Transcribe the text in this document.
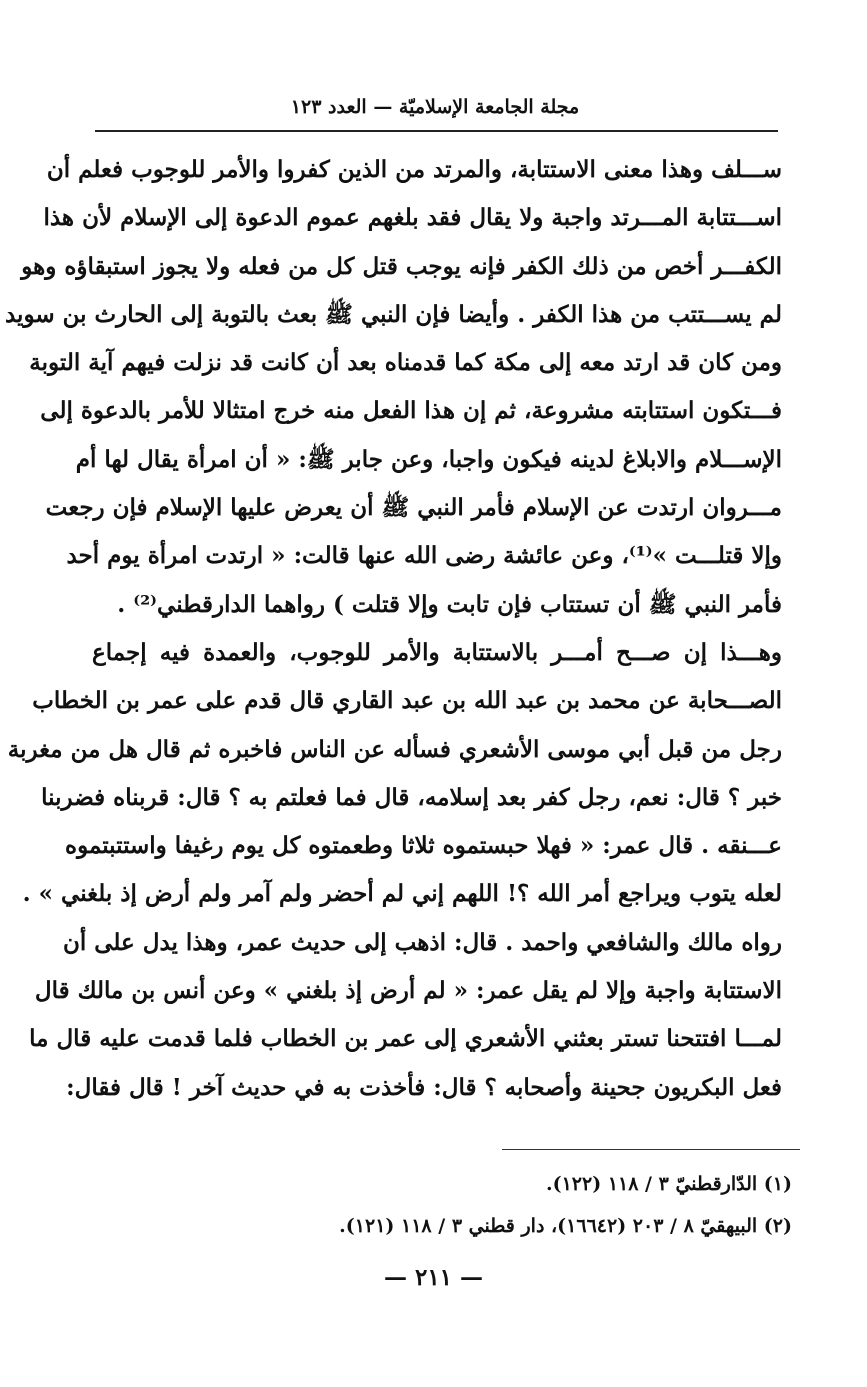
مجلة الجامعة الإسلاميّة — العدد ١٢٣
ســـلف وهذا معنى الاستتابة، والمرتد من الذين كفروا والأمر للوجوب فعلم أن
اســـتتابة المـــرتد واجبة ولا يقال فقد بلغهم عموم الدعوة إلى الإسلام لأن هذا
الكفـــر أخص من ذلك الكفر فإنه يوجب قتل كل من فعله ولا يجوز استبقاؤه وهو
لم يســـتتب من هذا الكفر . وأيضا فإن النبي ﷺ بعث بالتوبة إلى الحارث بن سويد
ومن كان قد ارتد معه إلى مكة كما قدمناه بعد أن كانت قد نزلت فيهم آية التوبة
فـــتكون استتابته مشروعة، ثم إن هذا الفعل منه خرج امتثالا للأمر بالدعوة إلى
الإســـلام والابلاغ لدينه فيكون واجبا، وعن جابر ﷺ: « أن امرأة يقال لها أم
مـــروان ارتدت عن الإسلام فأمر النبي ﷺ أن يعرض عليها الإسلام فإن رجعت
وإلا قتلـــت »⁽¹⁾، وعن عائشة رضى الله عنها قالت: « ارتدت امرأة يوم أحد
فأمر النبي ﷺ أن تستتاب فإن تابت وإلا قتلت ) رواهما الدارقطني⁽²⁾ .
وهـــذا إن صـــح أمـــر بالاستتابة والأمر للوجوب، والعمدة فيه إجماع
الصـــحابة عن محمد بن عبد الله بن عبد القاري قال قدم على عمر بن الخطاب
رجل من قبل أبي موسى الأشعري فسأله عن الناس فاخبره ثم قال هل من مغربة
خبر ؟ قال: نعم، رجل كفر بعد إسلامه، قال فما فعلتم به ؟ قال: قربناه فضربنا
عـــنقه . قال عمر: « فهلا حبستموه ثلاثا وطعمتوه كل يوم رغيفا واستتبتموه
لعله يتوب ويراجع أمر الله ؟! اللهم إني لم أحضر ولم آمر ولم أرض إذ بلغني » .
رواه مالك والشافعي واحمد . قال: اذهب إلى حديث عمر، وهذا يدل على أن
الاستتابة واجبة وإلا لم يقل عمر: « لم أرض إذ بلغني » وعن أنس بن مالك قال
لمـــا افتتحنا تستر بعثني الأشعري إلى عمر بن الخطاب فلما قدمت عليه قال ما
فعل البكريون جحينة وأصحابه ؟ قال: فأخذت به في حديث آخر ! قال فقال:
(١) الدّارقطنيّ ٣ / ١١٨ (١٢٢).
(٢) البيهقيّ ٨ / ٢٠٣ (١٦٦٤٢)، دار قطني ٣ / ١١٨ (١٢١).
— ٢١١ —
